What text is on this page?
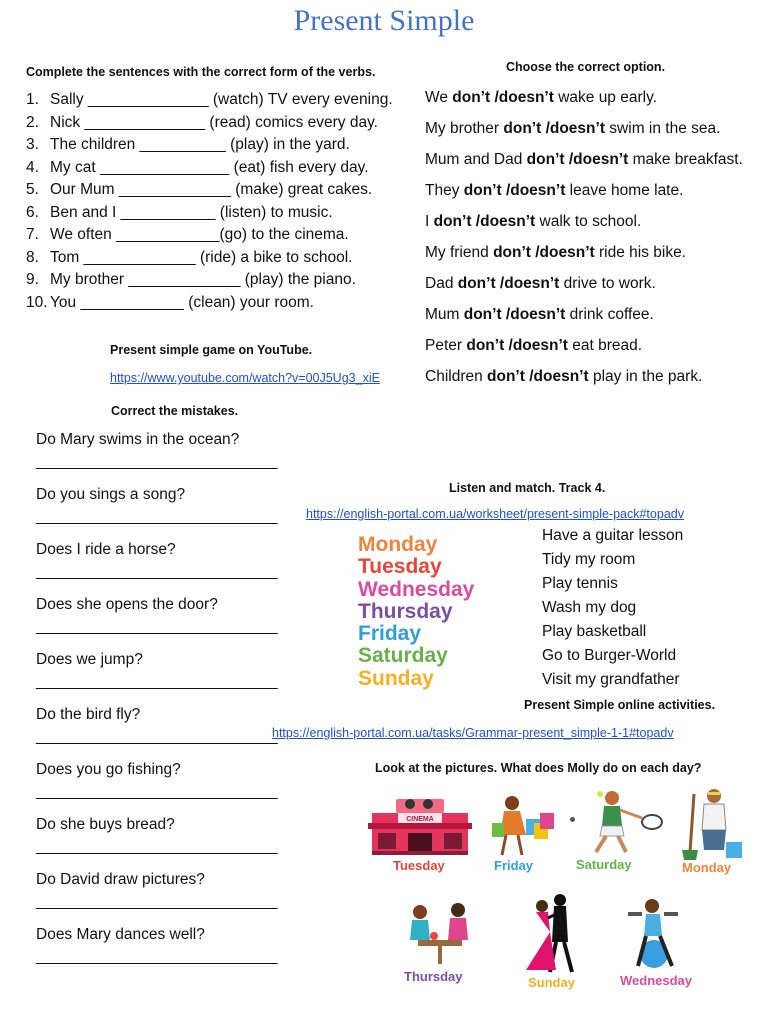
Present Simple
Complete the sentences with the correct form of the verbs.
1. Sally ______________ (watch) TV every evening.
2. Nick ______________ (read) comics every day.
3. The children __________ (play) in the yard.
4. My cat _______________ (eat) fish every day.
5. Our Mum _____________ (make) great cakes.
6. Ben and I ___________ (listen) to music.
7. We often ____________(go) to the cinema.
8. Tom _____________ (ride) a bike to school.
9. My brother _____________ (play) the piano.
10. You ____________ (clean) your room.
Choose the correct option.
We don’t /doesn’t wake up early.
My brother don’t /doesn’t swim in the sea.
Mum and Dad don’t /doesn’t make breakfast.
They don’t /doesn’t leave home late.
I don’t /doesn’t walk to school.
My friend don’t /doesn’t ride his bike.
Dad don’t /doesn’t drive to work.
Mum don’t /doesn’t drink coffee.
Peter don’t /doesn’t eat bread.
Children don’t /doesn’t play in the park.
Present simple game on YouTube.
https://www.youtube.com/watch?v=00J5Ug3_xiE
Correct the mistakes.
Do Mary swims in the ocean?
_____________________________
Do you sings a song?
_____________________________
Does I ride a horse?
_____________________________
Does she opens the door?
_____________________________
Does we jump?
_____________________________
Do the bird fly?
_____________________________
Does you go fishing?
_____________________________
Do she buys bread?
_____________________________
Do David draw pictures?
_____________________________
Does Mary dances well?
_____________________________
Listen and match. Track 4.
https://english-portal.com.ua/worksheet/present-simple-pack#topadv
Monday
Tuesday
Wednesday
Thursday
Friday
Saturday
Sunday
Have a guitar lesson
Tidy my room
Play tennis
Wash my dog
Play basketball
Go to Burger-World
Visit my grandfather
Present Simple online activities.
https://english-portal.com.ua/tasks/Grammar-present_simple-1-1#topadv
Look at the pictures. What does Molly do on each day?
CINEMA
Tuesday	Friday	Saturday	Monday
Thursday	Sunday	Wednesday
